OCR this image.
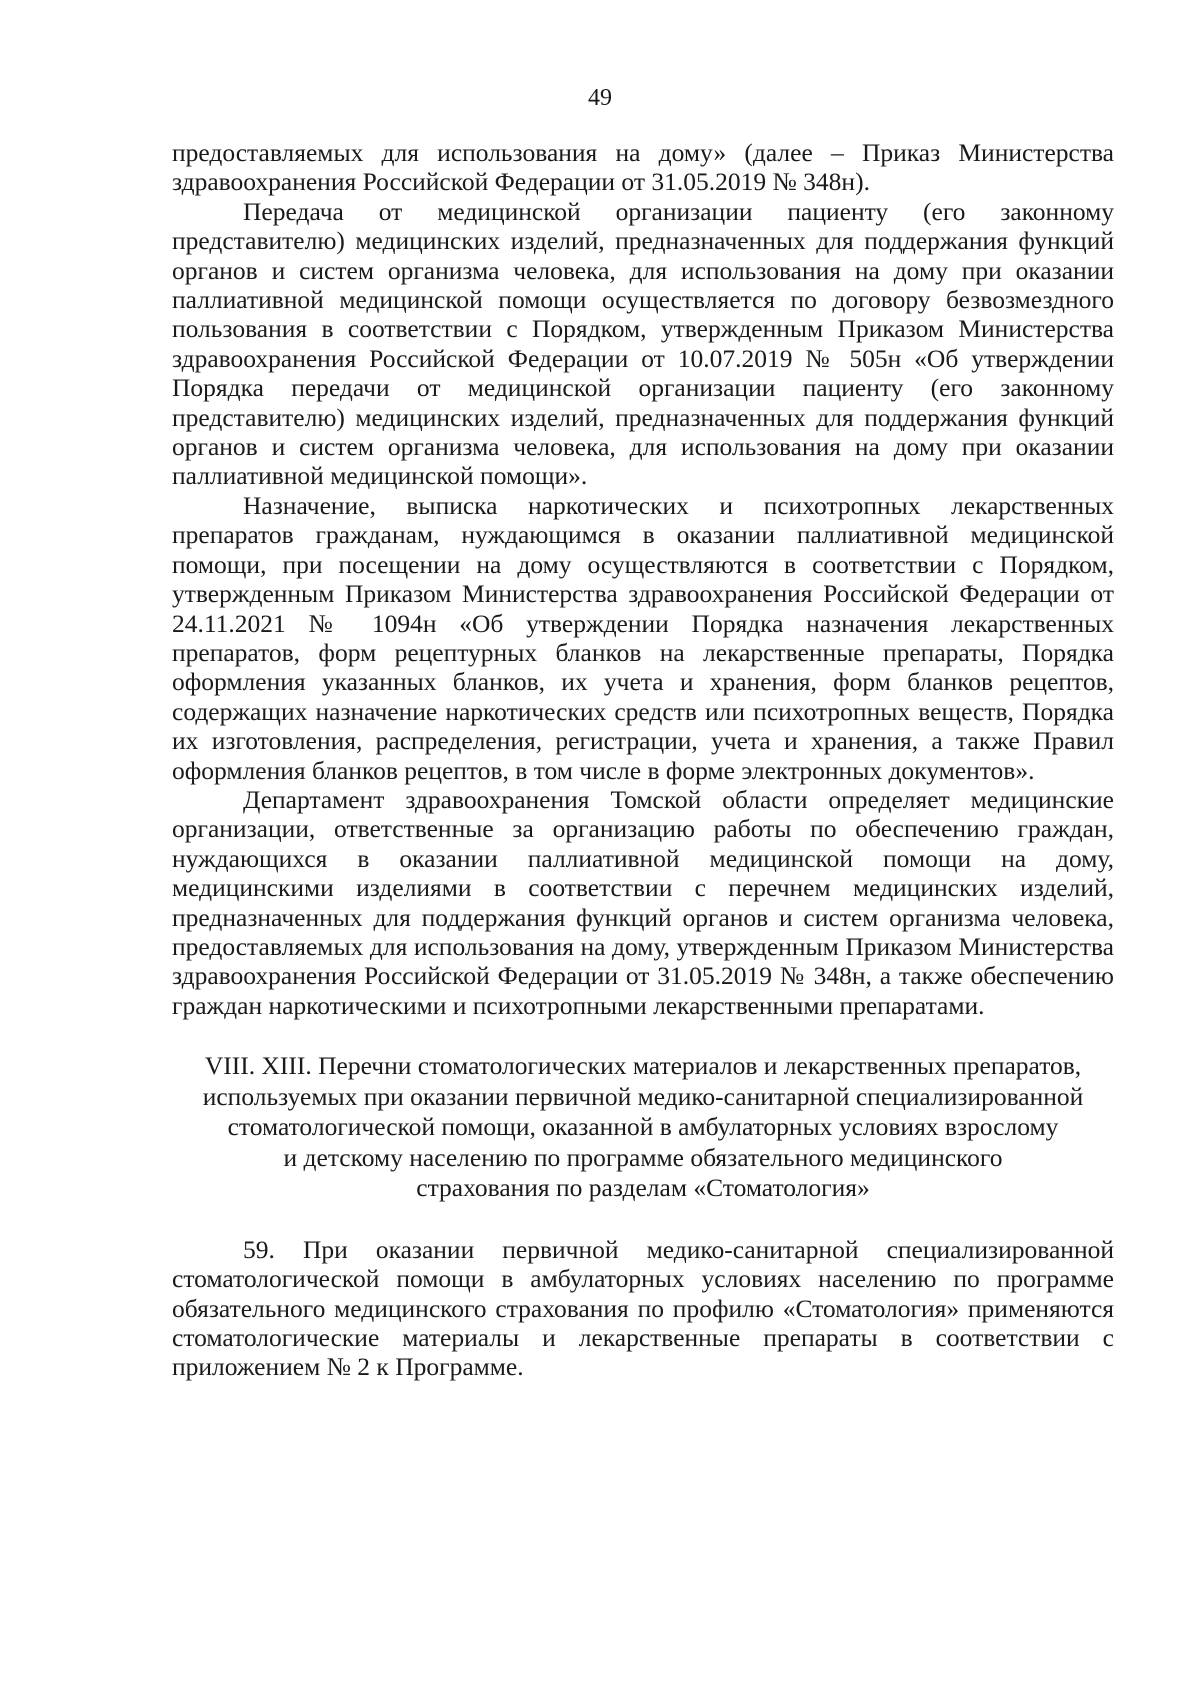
49

предоставляемых для использования на дому» (далее – Приказ Министерства здравоохранения Российской Федерации от 31.05.2019 № 348н).

Передача от медицинской организации пациенту (его законному представителю) медицинских изделий, предназначенных для поддержания функций органов и систем организма человека, для использования на дому при оказании паллиативной медицинской помощи осуществляется по договору безвозмездного пользования в соответствии с Порядком, утвержденным Приказом Министерства здравоохранения Российской Федерации от 10.07.2019 № 505н «Об утверждении Порядка передачи от медицинской организации пациенту (его законному представителю) медицинских изделий, предназначенных для поддержания функций органов и систем организма человека, для использования на дому при оказании паллиативной медицинской помощи».

Назначение, выписка наркотических и психотропных лекарственных препаратов гражданам, нуждающимся в оказании паллиативной медицинской помощи, при посещении на дому осуществляются в соответствии с Порядком, утвержденным Приказом Министерства здравоохранения Российской Федерации от 24.11.2021 № 1094н «Об утверждении Порядка назначения лекарственных препаратов, форм рецептурных бланков на лекарственные препараты, Порядка оформления указанных бланков, их учета и хранения, форм бланков рецептов, содержащих назначение наркотических средств или психотропных веществ, Порядка их изготовления, распределения, регистрации, учета и хранения, а также Правил оформления бланков рецептов, в том числе в форме электронных документов».

Департамент здравоохранения Томской области определяет медицинские организации, ответственные за организацию работы по обеспечению граждан, нуждающихся в оказании паллиативной медицинской помощи на дому, медицинскими изделиями в соответствии с перечнем медицинских изделий, предназначенных для поддержания функций органов и систем организма человека, предоставляемых для использования на дому, утвержденным Приказом Министерства здравоохранения Российской Федерации от 31.05.2019 № 348н, а также обеспечению граждан наркотическими и психотропными лекарственными препаратами.

VIII. XIII. Перечни стоматологических материалов и лекарственных препаратов,
используемых при оказании первичной медико-санитарной специализированной
стоматологической помощи, оказанной в амбулаторных условиях взрослому
и детскому населению по программе обязательного медицинского
страхования по разделам «Стоматология»

59. При оказании первичной медико-санитарной специализированной стоматологической помощи в амбулаторных условиях населению по программе обязательного медицинского страхования по профилю «Стоматология» применяются стоматологические материалы и лекарственные препараты в соответствии с приложением № 2 к Программе.
